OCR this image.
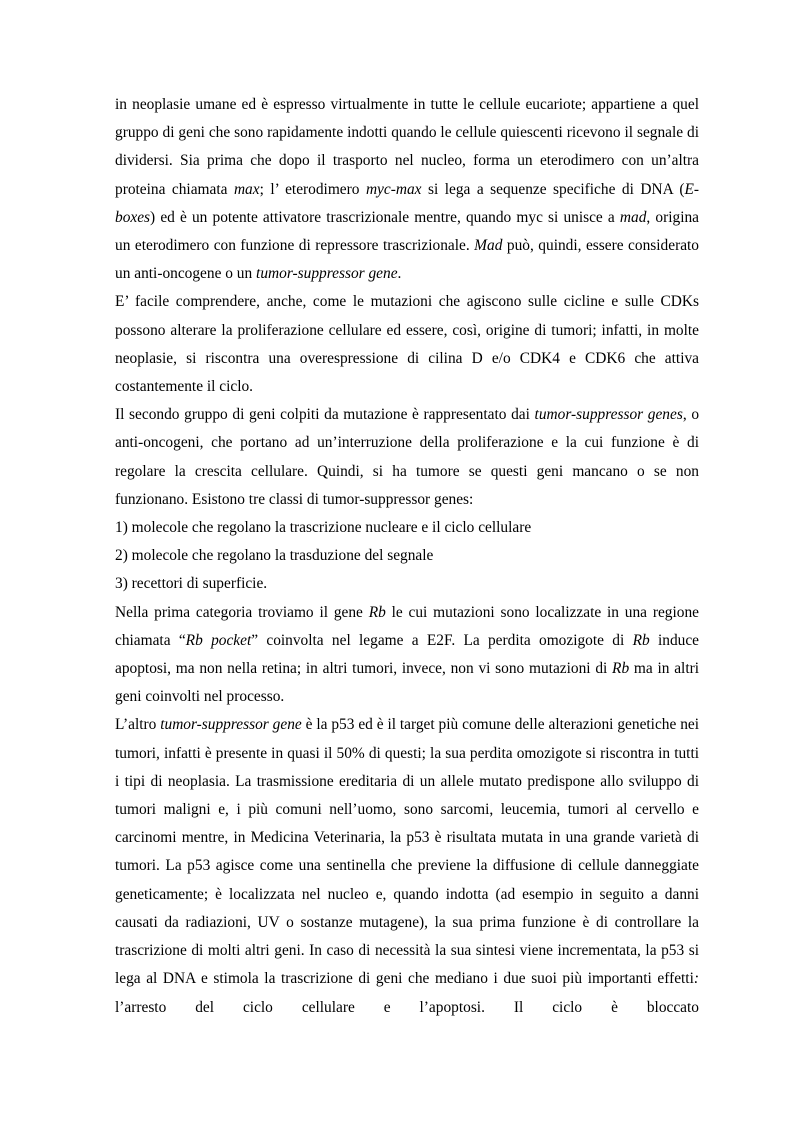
in neoplasie umane ed è espresso virtualmente in tutte le cellule eucariote; appartiene a quel gruppo di geni che sono rapidamente indotti quando le cellule quiescenti ricevono il segnale di dividersi. Sia prima che dopo il trasporto nel nucleo, forma un eterodimero con un’altra proteina chiamata max; l’ eterodimero myc-max si lega a sequenze specifiche di DNA (E-boxes) ed è un potente attivatore trascrizionale mentre, quando myc si unisce a mad, origina un eterodimero con funzione di repressore trascrizionale. Mad può, quindi, essere considerato un anti-oncogene o un tumor-suppressor gene.

E’ facile comprendere, anche, come le mutazioni che agiscono sulle cicline e sulle CDKs possono alterare la proliferazione cellulare ed essere, così, origine di tumori; infatti, in molte neoplasie, si riscontra una overespressione di cilina D e/o CDK4 e CDK6 che attiva costantemente il ciclo.

Il secondo gruppo di geni colpiti da mutazione è rappresentato dai tumor-suppressor genes, o anti-oncogeni, che portano ad un’interruzione della proliferazione e la cui funzione è di regolare la crescita cellulare. Quindi, si ha tumore se questi geni mancano o se non funzionano. Esistono tre classi di tumor-suppressor genes:

1) molecole che regolano la trascrizione nucleare e il ciclo cellulare

2) molecole che regolano la trasduzione del segnale

3) recettori di superficie.

Nella prima categoria troviamo il gene Rb le cui mutazioni sono localizzate in una regione chiamata “Rb pocket” coinvolta nel legame a E2F. La perdita omozigote di Rb induce apoptosi, ma non nella retina; in altri tumori, invece, non vi sono mutazioni di Rb ma in altri geni coinvolti nel processo.

L’altro tumor-suppressor gene è la p53 ed è il target più comune delle alterazioni genetiche nei tumori, infatti è presente in quasi il 50% di questi; la sua perdita omozigote si riscontra in tutti i tipi di neoplasia. La trasmissione ereditaria di un allele mutato predispone allo sviluppo di tumori maligni e, i più comuni nell’uomo, sono sarcomi, leucemia, tumori al cervello e carcinomi mentre, in Medicina Veterinaria, la p53 è risultata mutata in una grande varietà di tumori. La p53 agisce come una sentinella che previene la diffusione di cellule danneggiate geneticamente; è localizzata nel nucleo e, quando indotta (ad esempio in seguito a danni causati da radiazioni, UV o sostanze mutagene), la sua prima funzione è di controllare la trascrizione di molti altri geni. In caso di necessità la sua sintesi viene incrementata, la p53 si lega al DNA e stimola la trascrizione di geni che mediano i due suoi più importanti effetti: l’arresto del ciclo cellulare e l’apoptosi. Il ciclo è bloccato
